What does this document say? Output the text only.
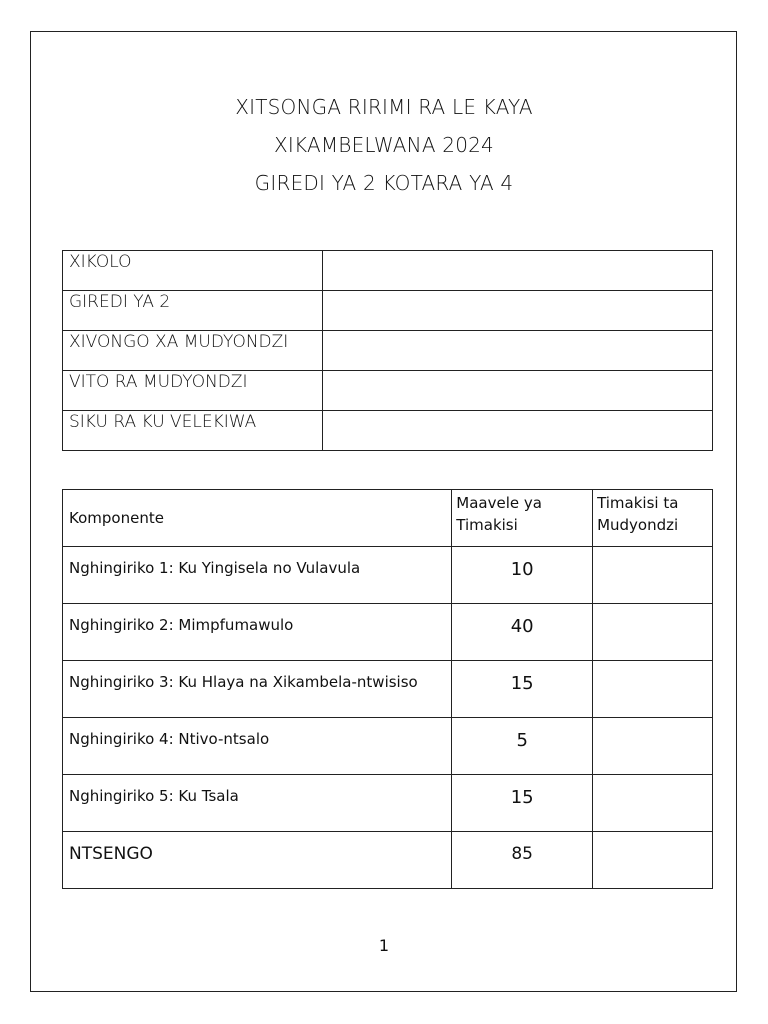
XITSONGA RIRIMI RA LE KAYA
XIKAMBELWANA 2024
GIREDI YA 2 KOTARA YA 4
XIKOLO	
GIREDI YA 2	
XIVONGO XA MUDYONDZI	
VITO RA MUDYONDZI	
SIKU RA KU VELEKIWA	
Komponente	Maavele ya Timakisi	Timakisi ta Mudyondzi
Nghingiriko 1: Ku Yingisela no Vulavula	10	
Nghingiriko 2: Mimpfumawulo	40	
Nghingiriko 3: Ku Hlaya na Xikambela-ntwisiso	15	
Nghingiriko 4: Ntivo-ntsalo	5	
Nghingiriko 5: Ku Tsala	15	
NTSENGO	85	
1
